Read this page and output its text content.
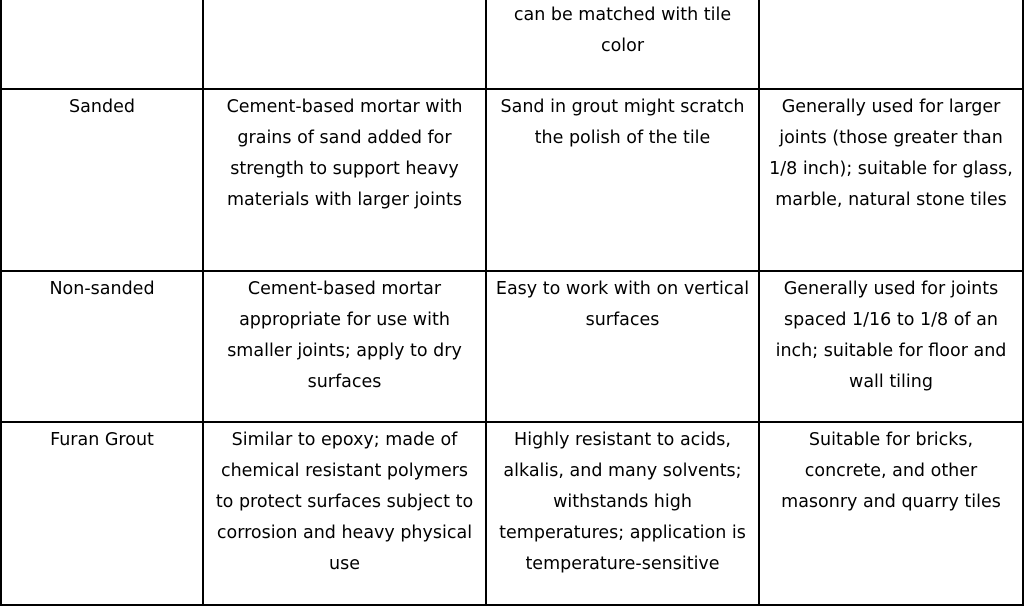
		can be matched with tile color	

Sanded	Cement-based mortar with grains of sand added for strength to support heavy materials with larger joints	Sand in grout might scratch the polish of the tile	Generally used for larger joints (those greater than 1/8 inch); suitable for glass, marble, natural stone tiles

Non-sanded	Cement-based mortar appropriate for use with smaller joints; apply to dry surfaces	Easy to work with on vertical surfaces	Generally used for joints spaced 1/16 to 1/8 of an inch; suitable for floor and wall tiling

Furan Grout	Similar to epoxy; made of chemical resistant polymers to protect surfaces subject to corrosion and heavy physical use	Highly resistant to acids, alkalis, and many solvents; withstands high temperatures; application is temperature-sensitive	Suitable for bricks, concrete, and other masonry and quarry tiles
